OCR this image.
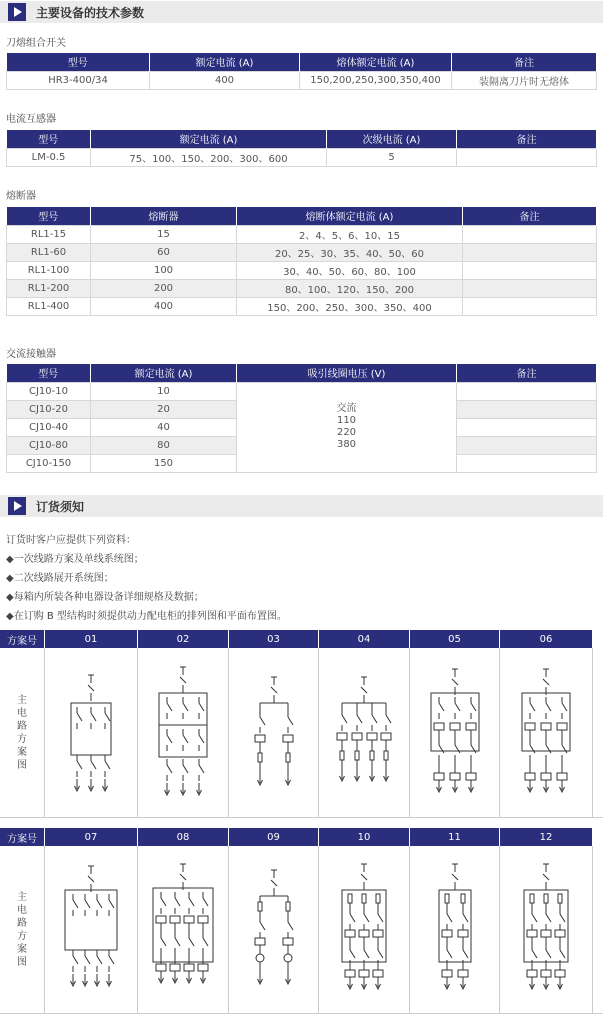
主要设备的技术参数
刀熔组合开关
型号	额定电流 (A)	熔体额定电流 (A)	备注
HR3-400/34	400	150,200,250,300,350,400	装隔离刀片时无熔体
电流互感器
型号	额定电流 (A)	次级电流 (A)	备注
LM-0.5	75、100、150、200、300、600	5	
熔断器
型号	熔断器	熔断体额定电流 (A)	备注
RL1-15	15	2、4、5、6、10、15	
RL1-60	60	20、25、30、35、40、50、60	
RL1-100	100	30、40、50、60、80、100	
RL1-200	200	80、100、120、150、200	
RL1-400	400	150、200、250、300、350、400	
交流接触器
型号	额定电流 (A)	吸引线圈电压 (V)	备注
CJ10-10	10	交流
110
220
380	

CJ10-20	20		
CJ10-40	40		
CJ10-80	80		
CJ10-150	150		
订货须知
订货时客户应提供下列资料：
◆一次线路方案及单线系统图；
◆二次线路展开系统图；
◆每箱内所装各种电器设备详细规格及数据；
◆在订购 B 型结构时须提供动力配电柜的排列图和平面布置图。
方案号	01	02	03	04	05	06
主
电
路
方
案
图
方案号	07	08	09	10	11	12
主
电
路
方
案
图
